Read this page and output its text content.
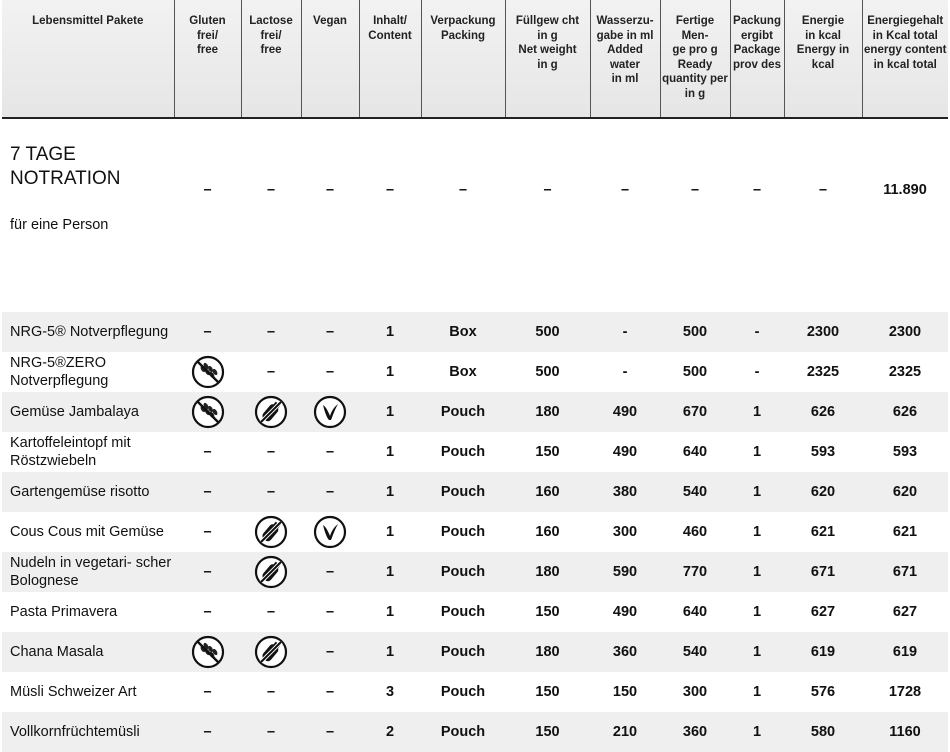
Lebensmittel Pakete	Gluten
frei/
free	Lactose
frei/
free	Vegan	Inhalt/
Content	Verpackung
Packing	Füllgew cht
in g
Net weight
in g	Wasserzu-
gabe in ml
Added water
in ml	Fertige Men-
ge pro g
Ready
quantity per
in g	Packung
ergibt
Package
prov des	Energie
in kcal
Energy in kcal	Energiegehalt
in Kcal total
energy content
in kcal total

7 TAGE
NOTRATION

für eine Person	–	–	–	–	–	–	–	–	–	–	11.890
NRG-5® Notverpflegung	–	–	–	1	Box	500	-	500	-	2300	2300
NRG-5®ZERO Notverpflegung		–	–	1	Box	500	-	500	-	2325	2325
Gemüse Jambalaya				1	Pouch	180	490	670	1	626	626
Kartoffeleintopf mit Röstzwiebeln	–	–	–	1	Pouch	150	490	640	1	593	593
Gartengemüse risotto	–	–	–	1	Pouch	160	380	540	1	620	620
Cous Cous mit Gemüse	–			1	Pouch	160	300	460	1	621	621
Nudeln in vegetari- scher Bolognese	–		–	1	Pouch	180	590	770	1	671	671
Pasta Primavera	–	–	–	1	Pouch	150	490	640	1	627	627
Chana Masala			–	1	Pouch	180	360	540	1	619	619
Müsli Schweizer Art	–	–	–	3	Pouch	150	150	300	1	576	1728
Vollkornfrüchtemüsli	–	–	–	2	Pouch	150	210	360	1	580	1160
